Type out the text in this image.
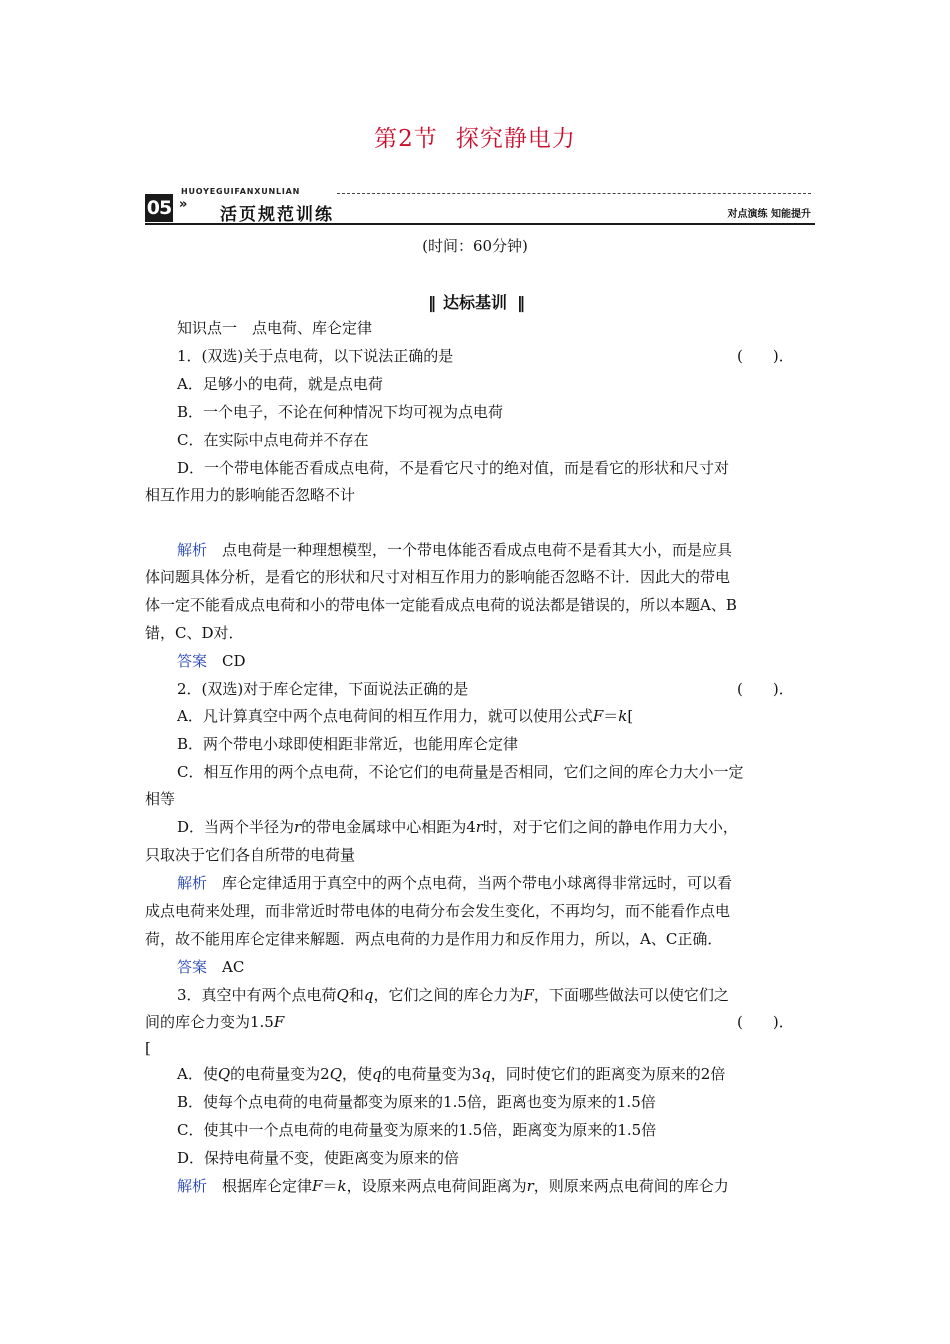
第2节 探究静电力
05
HUOYEGUIFANXUNLIAN
»
活页规范训练	对点演练 知能提升
(时间：60分钟)
‖ 达标基训 ‖
知识点一　点电荷、库仑定律
1．(双选)关于点电荷，以下说法正确的是	(　　)．
A．足够小的电荷，就是点电荷
B．一个电子，不论在何种情况下均可视为点电荷
C．在实际中点电荷并不存在
D．一个带电体能否看成点电荷，不是看它尺寸的绝对值，而是看它的形状和尺寸对
相互作用力的影响能否忽略不计
解析　 点电荷是一种理想模型，一个带电体能否看成点电荷不是看其大小，而是应具
体问题具体分析，是看它的形状和尺寸对相互作用力的影响能否忽略不计．因此大的带电
体一定不能看成点电荷和小的带电体一定能看成点电荷的说法都是错误的，所以本题A、B
错，C、D对．
答案　 CD
2．(双选)对于库仑定律，下面说法正确的是	(　　)．
A．凡计算真空中两个点电荷间的相互作用力，就可以使用公式F＝k[
B．两个带电小球即使相距非常近，也能用库仑定律
C．相互作用的两个点电荷，不论它们的电荷量是否相同，它们之间的库仑力大小一定
相等
D．当两个半径为r的带电金属球中心相距为4r时，对于它们之间的静电作用力大小，
只取决于它们各自所带的电荷量
解析　 库仑定律适用于真空中的两个点电荷，当两个带电小球离得非常远时，可以看
成点电荷来处理，而非常近时带电体的电荷分布会发生变化，不再均匀，而不能看作点电
荷，故不能用库仑定律来解题．两点电荷的力是作用力和反作用力，所以，A、C正确．
答案　 AC
3．真空中有两个点电荷Q和q，它们之间的库仑力为F，下面哪些做法可以使它们之
间的库仑力变为1.5F	(　　)．
[
A．使Q的电荷量变为2Q，使q的电荷量变为3q，同时使它们的距离变为原来的2倍
B．使每个点电荷的电荷量都变为原来的1.5倍，距离也变为原来的1.5倍
C．使其中一个点电荷的电荷量变为原来的1.5倍，距离变为原来的1.5倍
D．保持电荷量不变，使距离变为原来的倍
解析　 根据库仑定律F＝k，设原来两点电荷间距离为r，则原来两点电荷间的库仑力
